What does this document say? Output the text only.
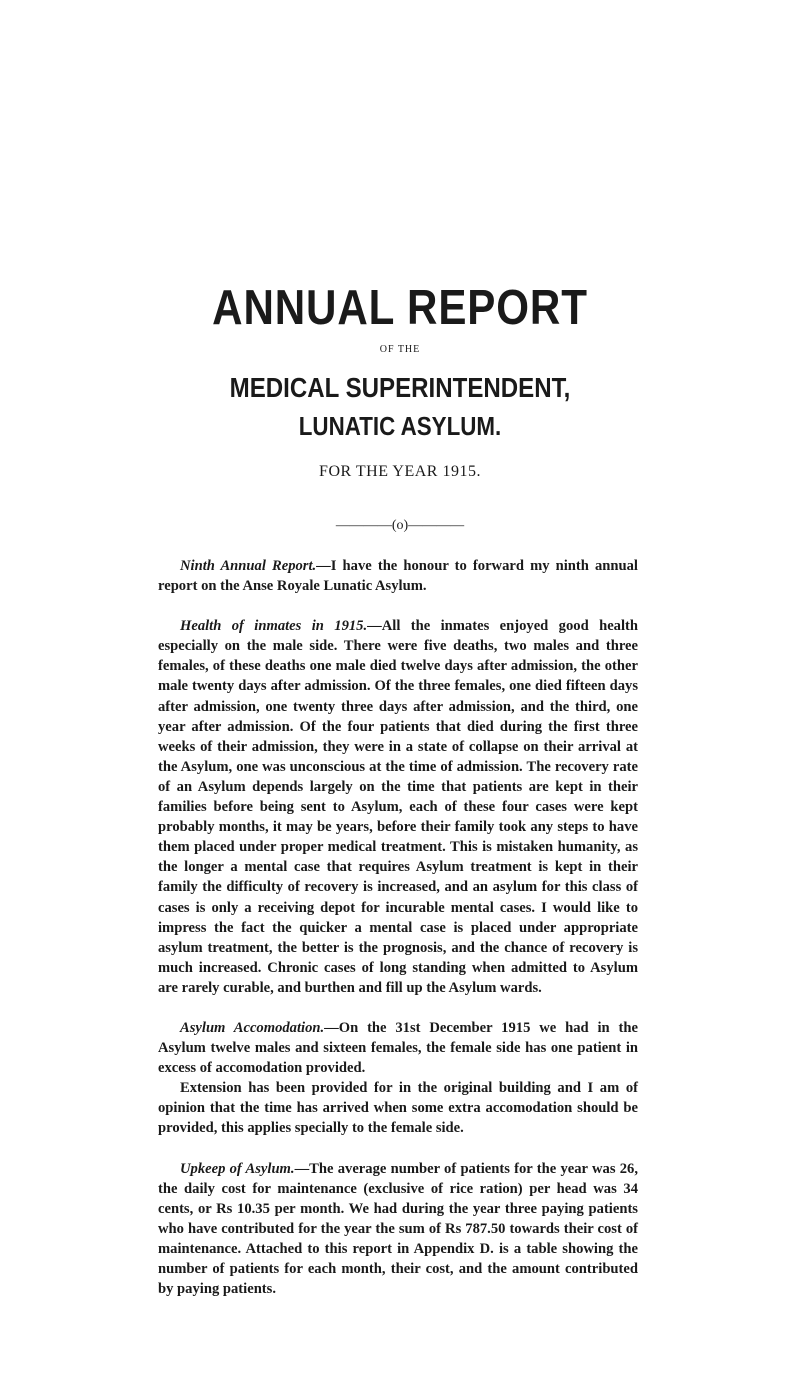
ANNUAL REPORT
OF THE
MEDICAL SUPERINTENDENT,
LUNATIC ASYLUM.
FOR THE YEAR 1915.
————(o)————

Ninth Annual Report.—I have the honour to forward my ninth annual report on the Anse Royale Lunatic Asylum.

Health of inmates in 1915.—All the inmates enjoyed good health especially on the male side. There were five deaths, two males and three females, of these deaths one male died twelve days after admission, the other male twenty days after admission. Of the three females, one died fifteen days after admission, one twenty three days after admission, and the third, one year after admission. Of the four patients that died during the first three weeks of their admission, they were in a state of collapse on their arrival at the Asylum, one was unconscious at the time of admission. The recovery rate of an Asylum depends largely on the time that patients are kept in their families before being sent to Asylum, each of these four cases were kept probably months, it may be years, before their family took any steps to have them placed under proper medical treatment. This is mistaken humanity, as the longer a mental case that requires Asylum treatment is kept in their family the difficulty of recovery is increased, and an asylum for this class of cases is only a receiving depot for incurable mental cases. I would like to impress the fact the quicker a mental case is placed under appropriate asylum treatment, the better is the prognosis, and the chance of recovery is much increased. Chronic cases of long standing when admitted to Asylum are rarely curable, and burthen and fill up the Asylum wards.

Asylum Accomodation.—On the 31st December 1915 we had in the Asylum twelve males and sixteen females, the female side has one patient in excess of accomodation provided.

Extension has been provided for in the original building and I am of opinion that the time has arrived when some extra accomodation should be provided, this applies specially to the female side.

Upkeep of Asylum.—The average number of patients for the year was 26, the daily cost for maintenance (exclusive of rice ration) per head was 34 cents, or Rs 10.35 per month. We had during the year three paying patients who have contributed for the year the sum of Rs 787.50 towards their cost of maintenance. Attached to this report in Appendix D. is a table showing the number of patients for each month, their cost, and the amount contributed by paying patients.
